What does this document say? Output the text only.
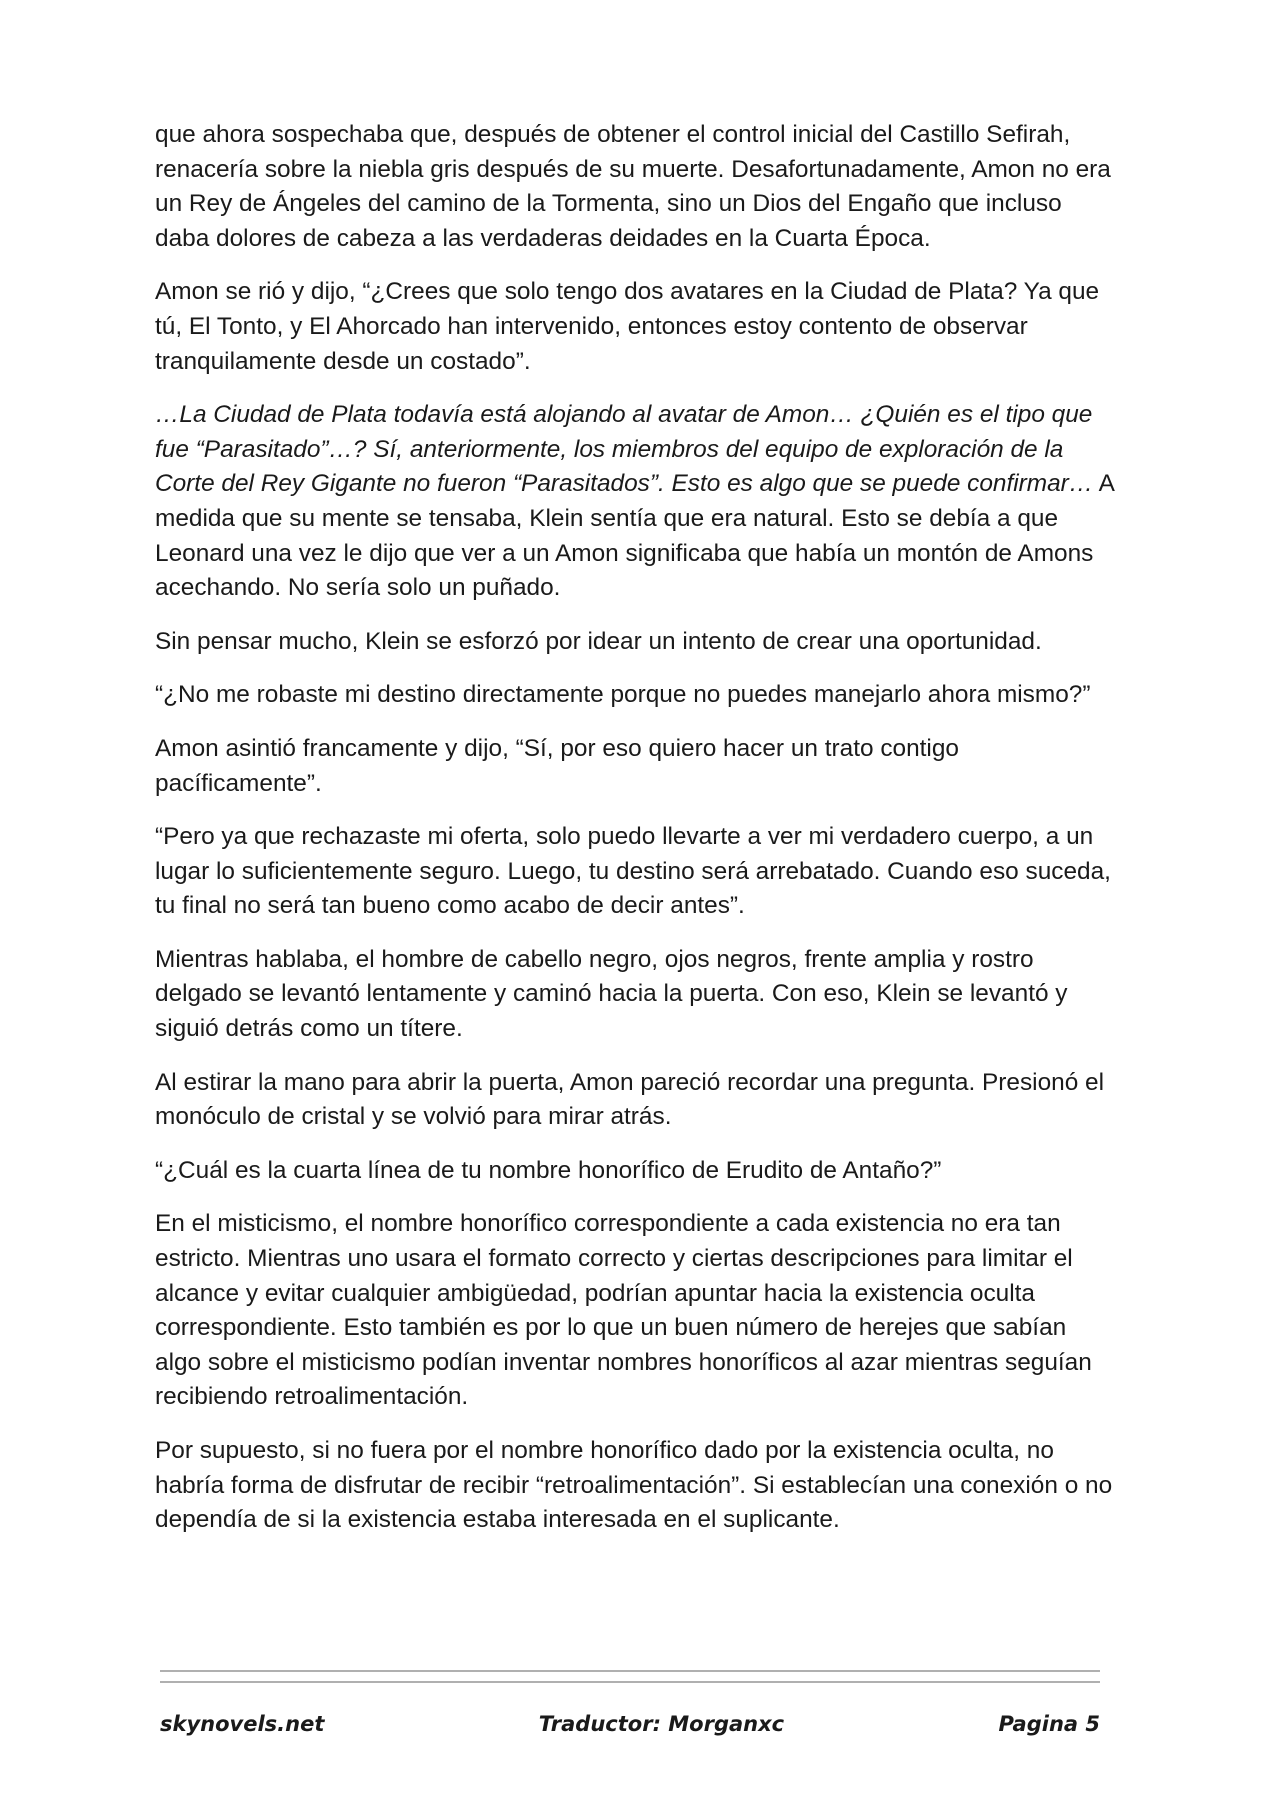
que ahora sospechaba que, después de obtener el control inicial del Castillo Sefirah, renacería sobre la niebla gris después de su muerte. Desafortunadamente, Amon no era un Rey de Ángeles del camino de la Tormenta, sino un Dios del Engaño que incluso daba dolores de cabeza a las verdaderas deidades en la Cuarta Época.

Amon se rió y dijo, “¿Crees que solo tengo dos avatares en la Ciudad de Plata? Ya que tú, El Tonto, y El Ahorcado han intervenido, entonces estoy contento de observar tranquilamente desde un costado”.

…La Ciudad de Plata todavía está alojando al avatar de Amon… ¿Quién es el tipo que fue “Parasitado”…? Sí, anteriormente, los miembros del equipo de exploración de la Corte del Rey Gigante no fueron “Parasitados”. Esto es algo que se puede confirmar… A medida que su mente se tensaba, Klein sentía que era natural. Esto se debía a que Leonard una vez le dijo que ver a un Amon significaba que había un montón de Amons acechando. No sería solo un puñado.

Sin pensar mucho, Klein se esforzó por idear un intento de crear una oportunidad.

“¿No me robaste mi destino directamente porque no puedes manejarlo ahora mismo?”

Amon asintió francamente y dijo, “Sí, por eso quiero hacer un trato contigo pacíficamente”.

“Pero ya que rechazaste mi oferta, solo puedo llevarte a ver mi verdadero cuerpo, a un lugar lo suficientemente seguro. Luego, tu destino será arrebatado. Cuando eso suceda, tu final no será tan bueno como acabo de decir antes”.

Mientras hablaba, el hombre de cabello negro, ojos negros, frente amplia y rostro delgado se levantó lentamente y caminó hacia la puerta. Con eso, Klein se levantó y siguió detrás como un títere.

Al estirar la mano para abrir la puerta, Amon pareció recordar una pregunta. Presionó el monóculo de cristal y se volvió para mirar atrás.

“¿Cuál es la cuarta línea de tu nombre honorífico de Erudito de Antaño?”

En el misticismo, el nombre honorífico correspondiente a cada existencia no era tan estricto. Mientras uno usara el formato correcto y ciertas descripciones para limitar el alcance y evitar cualquier ambigüedad, podrían apuntar hacia la existencia oculta correspondiente. Esto también es por lo que un buen número de herejes que sabían algo sobre el misticismo podían inventar nombres honoríficos al azar mientras seguían recibiendo retroalimentación.

Por supuesto, si no fuera por el nombre honorífico dado por la existencia oculta, no habría forma de disfrutar de recibir “retroalimentación”. Si establecían una conexión o no dependía de si la existencia estaba interesada en el suplicante.

skynovels.net	Traductor: Morganxc	Pagina 5
